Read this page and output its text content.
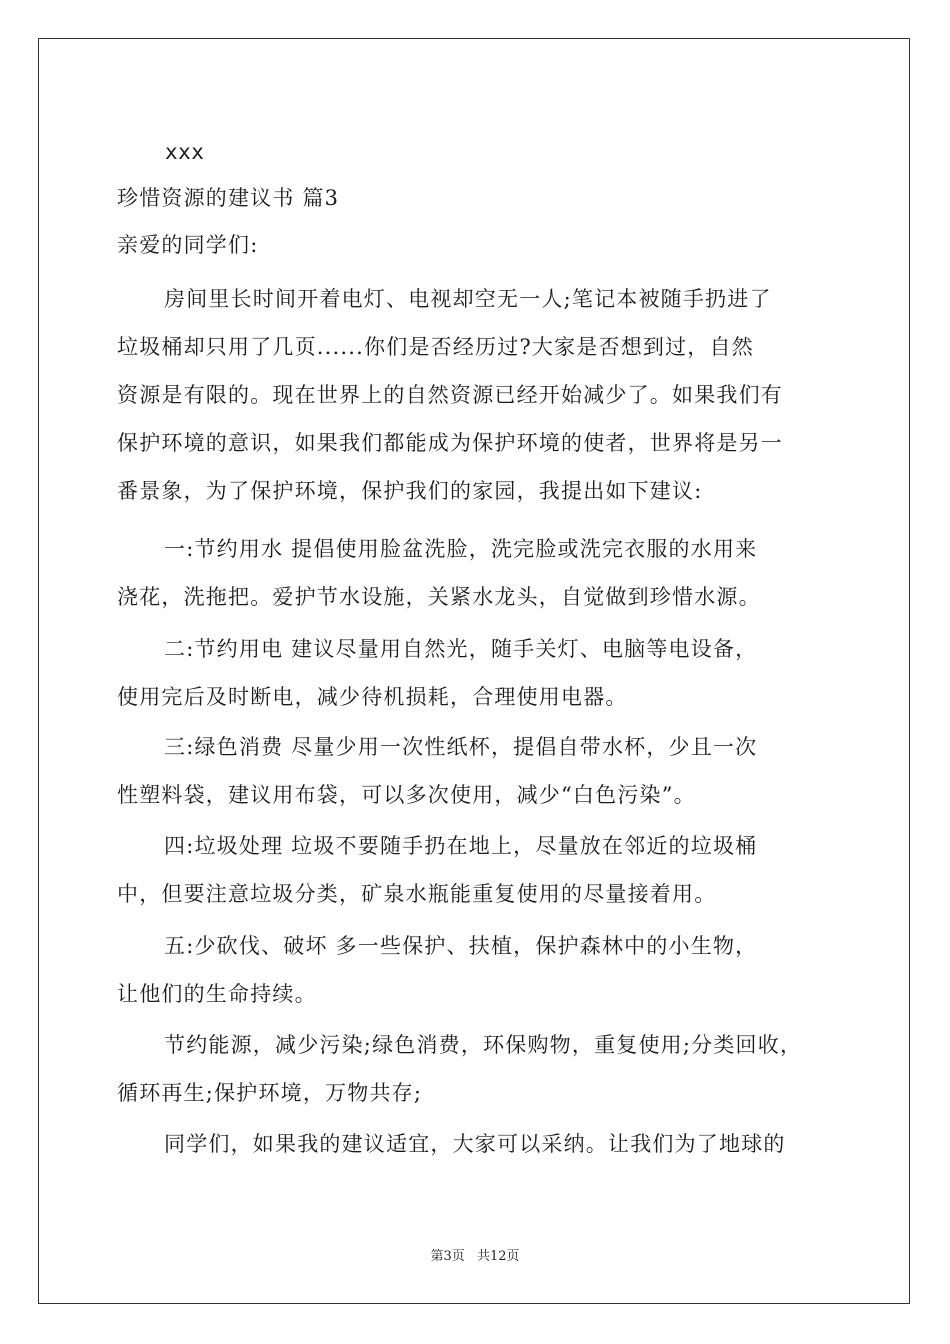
xxx
珍惜资源的建议书 篇3
亲爱的同学们:
房间里长时间开着电灯、电视却空无一人;笔记本被随手扔进了
垃圾桶却只用了几页......你们是否经历过?大家是否想到过，自然
资源是有限的。现在世界上的自然资源已经开始减少了。如果我们有
保护环境的意识，如果我们都能成为保护环境的使者，世界将是另一
番景象，为了保护环境，保护我们的家园，我提出如下建议:
一:节约用水 提倡使用脸盆洗脸，洗完脸或洗完衣服的水用来
浇花，洗拖把。爱护节水设施，关紧水龙头，自觉做到珍惜水源。
二:节约用电 建议尽量用自然光，随手关灯、电脑等电设备，
使用完后及时断电，减少待机损耗，合理使用电器。
三:绿色消费 尽量少用一次性纸杯，提倡自带水杯，少且一次
性塑料袋，建议用布袋，可以多次使用，减少“白色污染”。
四:垃圾处理 垃圾不要随手扔在地上，尽量放在邻近的垃圾桶
中，但要注意垃圾分类，矿泉水瓶能重复使用的尽量接着用。
五:少砍伐、破坏 多一些保护、扶植，保护森林中的小生物，
让他们的生命持续。
节约能源，减少污染;绿色消费，环保购物，重复使用;分类回收，
循环再生;保护环境，万物共存;
同学们，如果我的建议适宜，大家可以采纳。让我们为了地球的
第3页 共12页
